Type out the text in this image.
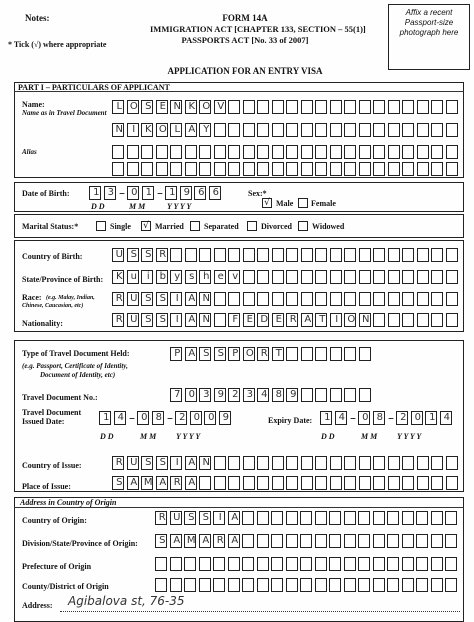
Notes:
* Tick (√) where appropriate
FORM 14A
IMMIGRATION ACT [CHAPTER 133, SECTION – 55(1)]
PASSPORTS ACT [No. 33 of 2007]
APPLICATION FOR AN ENTRY VISA
Affix a recent Passport-size photograph here
PART I – PARTICULARS OF APPLICANT
Name:
Name as in Travel Document
L O S E N K O V
N I K O L A Y
Alias
Date of Birth:	1 3 – 0 1 – 1 9 6 6
D D	M M	Y Y Y Y
Sex:*
√ Male Female
Marital Status:*	Single √ Married	Separated	Divorced	Widowed
Country of Birth:	U S S R
State/Province of Birth:	K u i b y s h e v
Race: (e.g. Malay, Indian,
Chinese, Caucasian, etc)
R U S S I A N
Nationality:	R U S S I A N
	F E D E R A T I O N
Type of Travel Document Held:
(e.g. Passport, Certificate of Identity,
Document of Identity, etc)
P A S S P O R T
Travel Document No.:	7 0 3 9 2 3 4 8 9
Travel Document
Issued Date:	1 4 – 0 8 – 2 0 0 9
D D	M M Y Y Y Y
Expiry Date:	1 4 – 0 8 – 2 0 1 4
D D	M M Y Y Y Y
Country of Issue:	R U S S I A N
Place of Issue:	S A M A R A
Address in Country of Origin
Country of Origin:	R U S S I A
Division/State/Province of Origin:	S A M A R A
Prefecture of Origin
County/District of Origin
Address: Agibalova st, 76-35
